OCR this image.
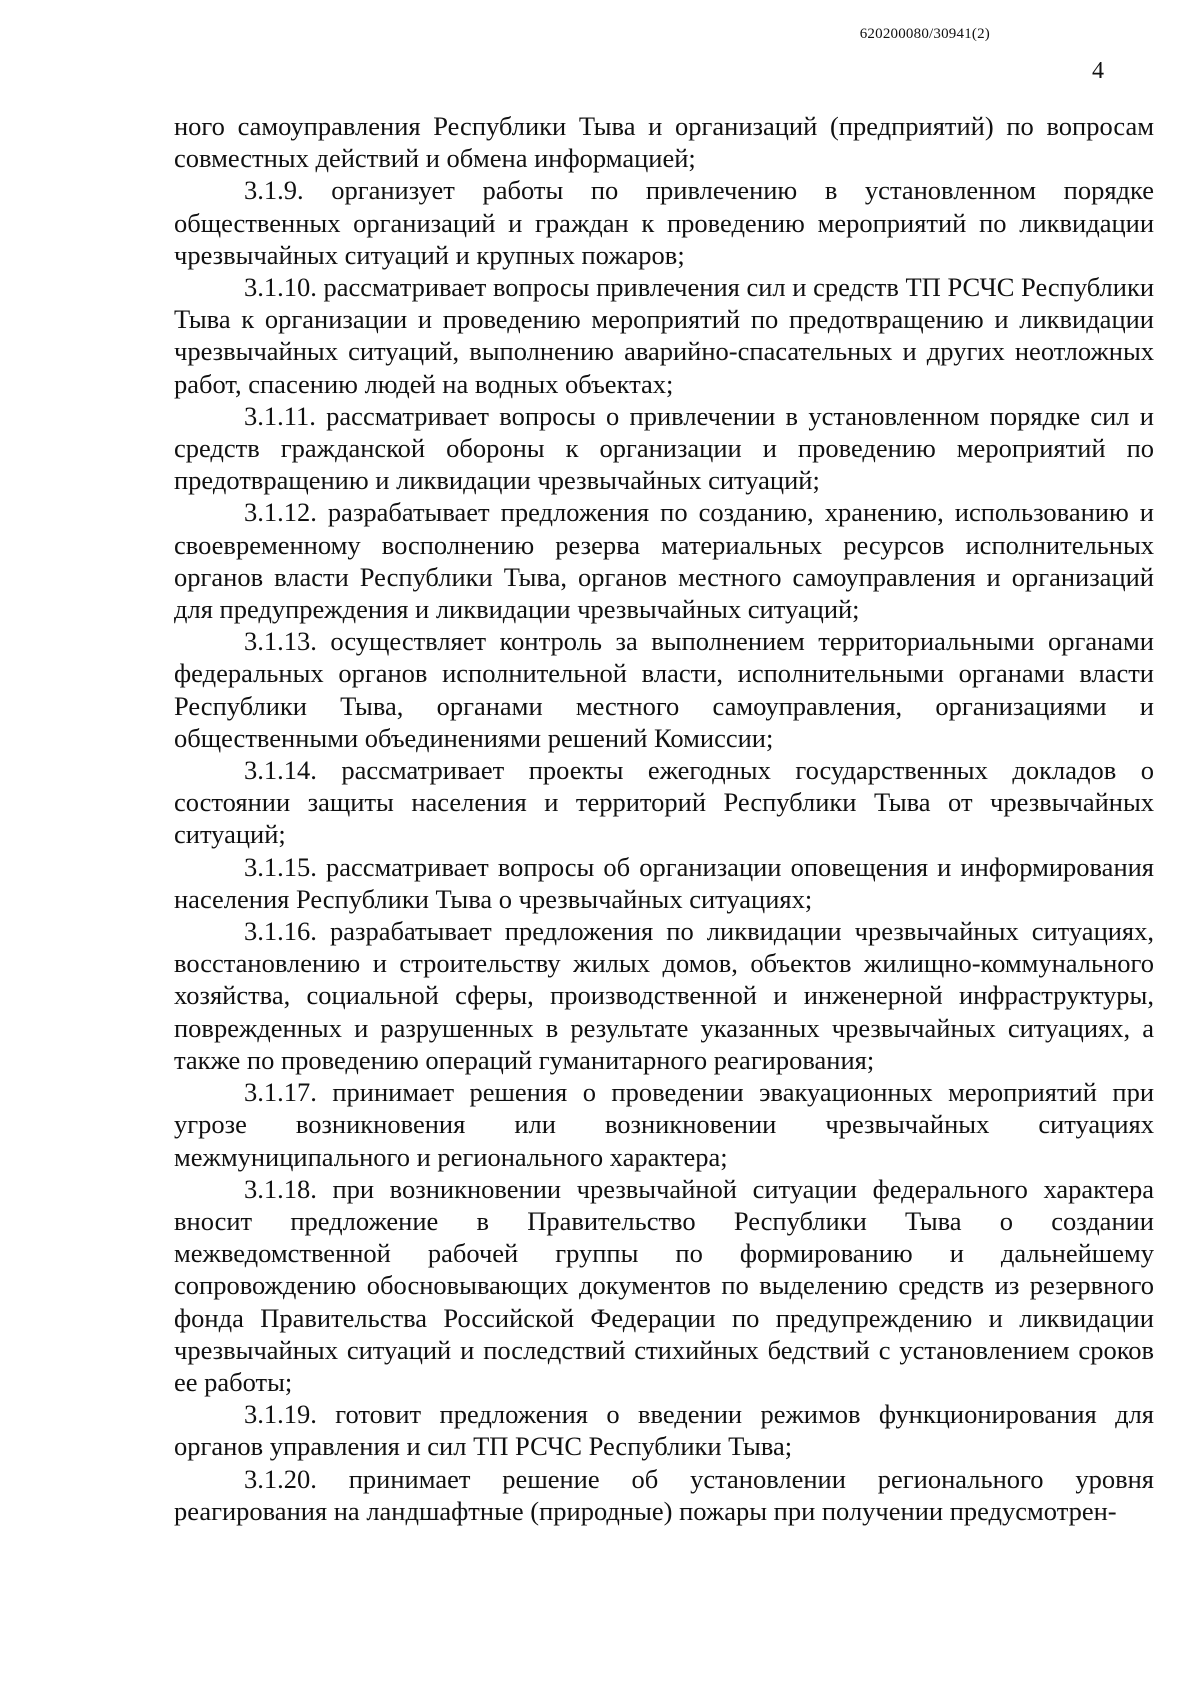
620200080/30941(2)
4

ного самоуправления Республики Тыва и организаций (предприятий) по вопросам совместных действий и обмена информацией;

3.1.9. организует работы по привлечению в установленном порядке общественных организаций и граждан к проведению мероприятий по ликвидации чрезвычайных ситуаций и крупных пожаров;

3.1.10. рассматривает вопросы привлечения сил и средств ТП РСЧС Республики Тыва к организации и проведению мероприятий по предотвращению и ликвидации чрезвычайных ситуаций, выполнению аварийно-спасательных и других неотложных работ, спасению людей на водных объектах;

3.1.11. рассматривает вопросы о привлечении в установленном порядке сил и средств гражданской обороны к организации и проведению мероприятий по предотвращению и ликвидации чрезвычайных ситуаций;

3.1.12. разрабатывает предложения по созданию, хранению, использованию и своевременному восполнению резерва материальных ресурсов исполнительных органов власти Республики Тыва, органов местного самоуправления и организаций для предупреждения и ликвидации чрезвычайных ситуаций;

3.1.13. осуществляет контроль за выполнением территориальными органами федеральных органов исполнительной власти, исполнительными органами власти Республики Тыва, органами местного самоуправления, организациями и общественными объединениями решений Комиссии;

3.1.14. рассматривает проекты ежегодных государственных докладов о состоянии защиты населения и территорий Республики Тыва от чрезвычайных ситуаций;

3.1.15. рассматривает вопросы об организации оповещения и информирования населения Республики Тыва о чрезвычайных ситуациях;

3.1.16. разрабатывает предложения по ликвидации чрезвычайных ситуациях, восстановлению и строительству жилых домов, объектов жилищно-коммунального хозяйства, социальной сферы, производственной и инженерной инфраструктуры, поврежденных и разрушенных в результате указанных чрезвычайных ситуациях, а также по проведению операций гуманитарного реагирования;

3.1.17. принимает решения о проведении эвакуационных мероприятий при угрозе возникновения или возникновении чрезвычайных ситуациях межмуниципального и регионального характера;

3.1.18. при возникновении чрезвычайной ситуации федерального характера вносит предложение в Правительство Республики Тыва о создании межведомственной рабочей группы по формированию и дальнейшему сопровождению обосновывающих документов по выделению средств из резервного фонда Правительства Российской Федерации по предупреждению и ликвидации чрезвычайных ситуаций и последствий стихийных бедствий с установлением сроков ее работы;

3.1.19. готовит предложения о введении режимов функционирования для органов управления и сил ТП РСЧС Республики Тыва;

3.1.20. принимает решение об установлении регионального уровня реагирования на ландшафтные (природные) пожары при получении предусмотрен-
